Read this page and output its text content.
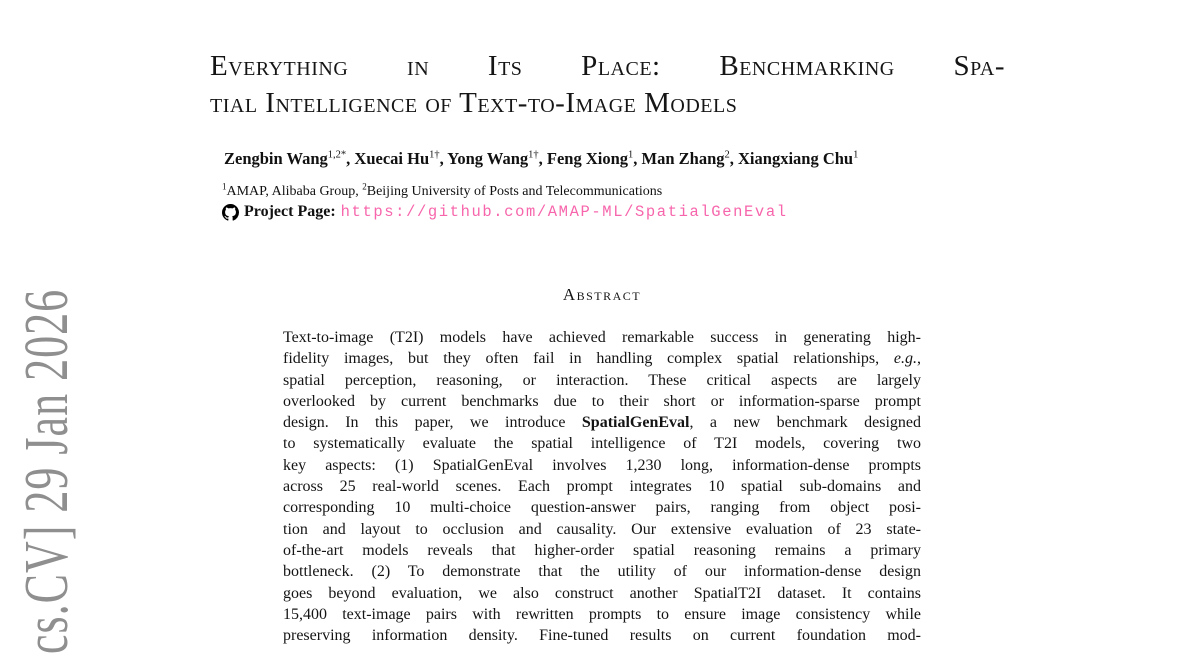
cs.CV] 29 Jan 2026
Everything in Its Place: Benchmarking Spa-
tial Intelligence of Text-to-Image Models
Zengbin Wang$^{1,2*}$, Xuecai $Hu^{1\dagger}$, Yong Wang$^{1\dagger}$, Feng Xiong$^1$, Man Zhang$^2$, Xiangxiang Chu$^1$
$^1$AMAP, Alibaba Group, $^2$Beijing University of Posts and Telecommunications
Project Page: https://github.com/AMAP-ML/SpatialGenEval
Abstract
Text-to-image (T2I) models have achieved remarkable success in generating high-
fidelity images, but they often fail in handling complex spatial relationships, e.g.,
spatial perception, reasoning, or interaction. These critical aspects are largely
overlooked by current benchmarks due to their short or information-sparse prompt
design. In this paper, we introduce SpatialGenEval, a new benchmark designed
to systematically evaluate the spatial intelligence of T2I models, covering two
key aspects: (1) SpatialGenEval involves 1,230 long, information-dense prompts
across 25 real-world scenes. Each prompt integrates 10 spatial sub-domains and
corresponding 10 multi-choice question-answer pairs, ranging from object posi-
tion and layout to occlusion and causality. Our extensive evaluation of 23 state-
of-the-art models reveals that higher-order spatial reasoning remains a primary
bottleneck. (2) To demonstrate that the utility of our information-dense design
goes beyond evaluation, we also construct another SpatialT2I dataset. It contains
15,400 text-image pairs with rewritten prompts to ensure image consistency while
preserving information density. Fine-tuned results on current foundation mod-
